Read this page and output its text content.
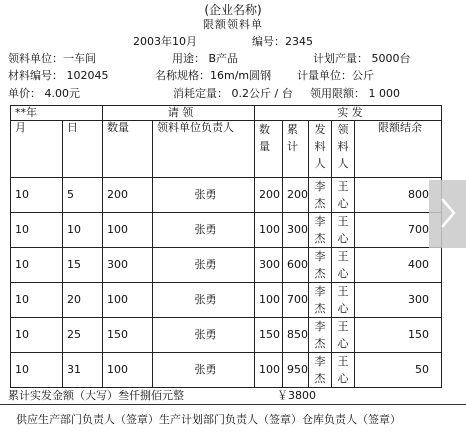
(企业名称)
限额领料单
2003年10月	编号：2345
领料单位：一车间	用途： B产品	计划产量： 5000台
材料编号： 102045	名称规格：16m/m圆钢 计量单位：公斤
单价： 4.00元	消耗定量： 0.2公斤 / 台 领用限额： 1 000
**年		请 领		实 发				
月	日	数量	领料单位负责人	数量	累计	发料人	领料人	限额结余
10	5	200	张勇	200	200	李杰	王心	800
10	10	100	张勇	100	300	李杰	王心	700
10	15	300	张勇	300	600	李杰	王心	400
10	20	100	张勇	100	700	李杰	王心	300
10	25	150	张勇	150	850	李杰	王心	150
10	31	100	张勇	100	950	李杰	王心	50
累计实发金额（大写）叁仟捌佰元整	￥3800
供应生产部门负责人（签章）生产计划部门负责人（签章）仓库负责人（签章）
